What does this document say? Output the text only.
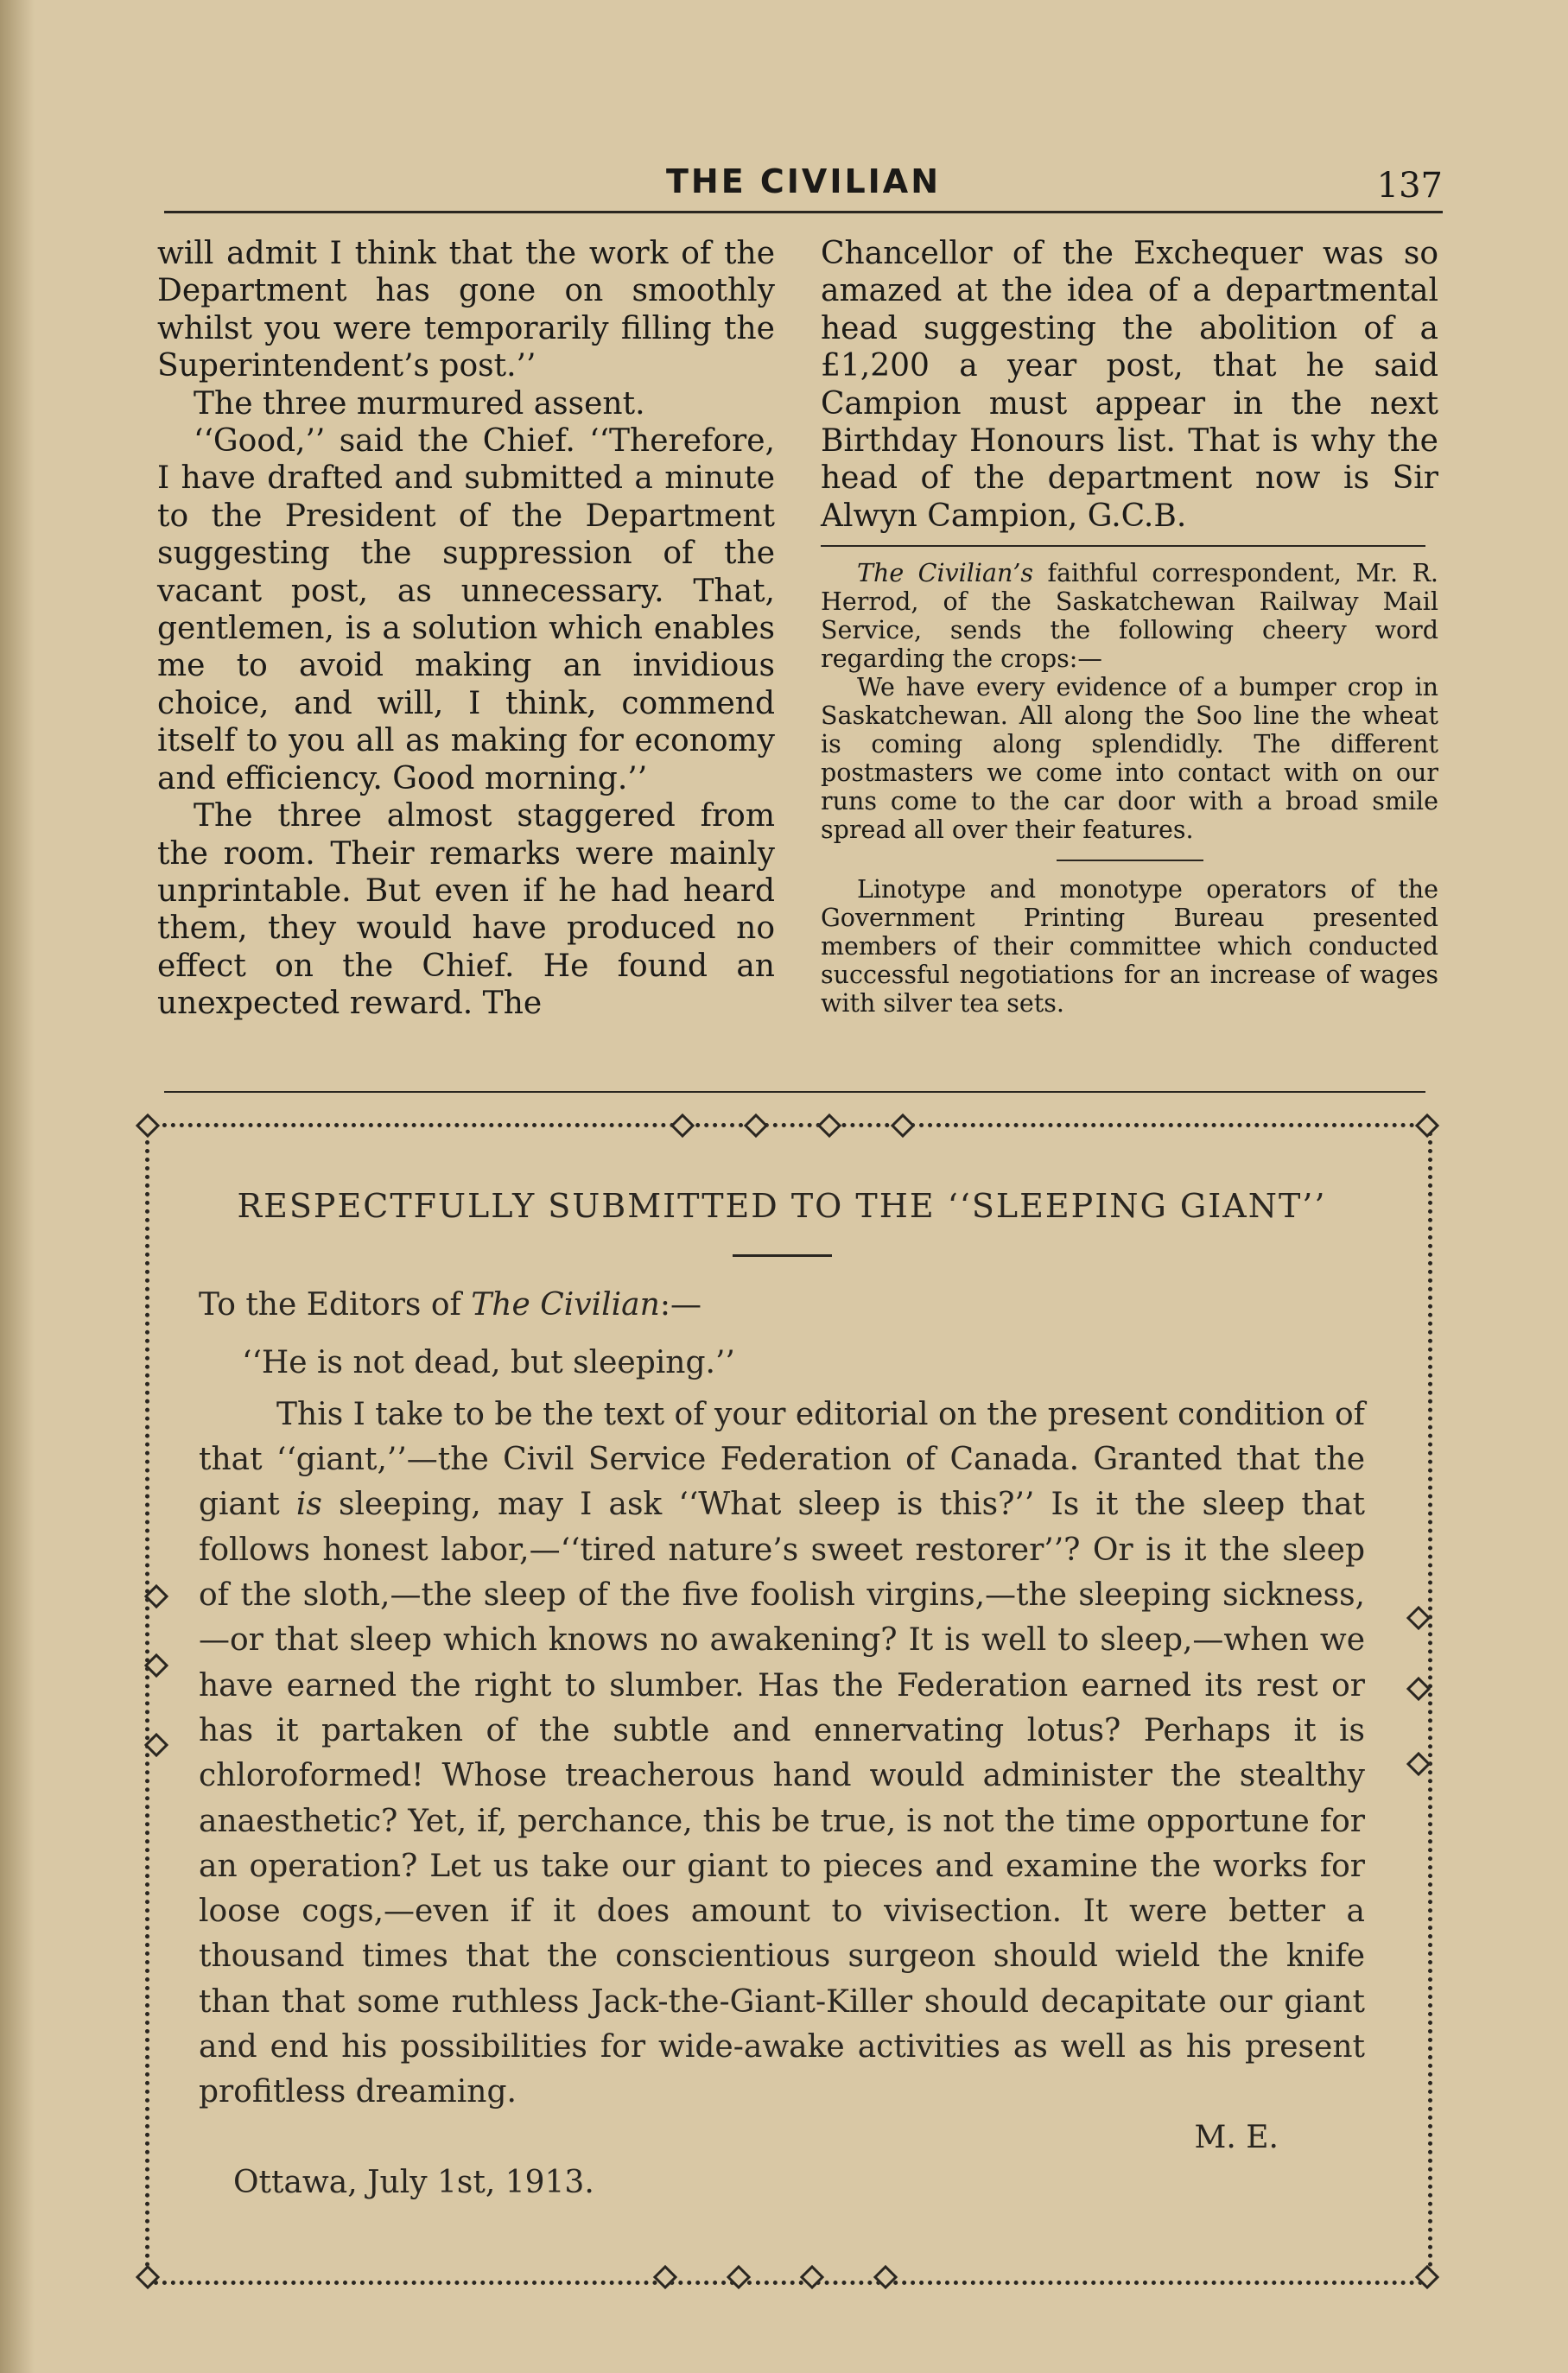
THE CIVILIAN	137

will admit I think that the work of the Department has gone on smoothly whilst you were temporarily filling the Superintendent’s post.’’

The three murmured assent.

‘‘Good,’’ said the Chief. ‘‘Therefore, I have drafted and submitted a minute to the President of the Department suggesting the suppression of the vacant post, as unnecessary. That, gentlemen, is a solution which enables me to avoid making an invidious choice, and will, I think, commend itself to you all as making for economy and efficiency. Good morning.’’

The three almost staggered from the room. Their remarks were mainly unprintable. But even if he had heard them, they would have produced no effect on the Chief. He found an unexpected reward. The

Chancellor of the Exchequer was so amazed at the idea of a departmental head suggesting the abolition of a £1,200 a year post, that he said Campion must appear in the next Birthday Honours list. That is why the head of the department now is Sir Alwyn Campion, G.C.B.

The Civilian’s faithful correspondent, Mr. R. Herrod, of the Saskatchewan Railway Mail Service, sends the following cheery word regarding the crops:—

We have every evidence of a bumper crop in Saskatchewan. All along the Soo line the wheat is coming along splendidly. The different postmasters we come into contact with on our runs come to the car door with a broad smile spread all over their features.

Linotype and monotype operators of the Government Printing Bureau presented members of their committee which conducted successful negotiations for an increase of wages with silver tea sets.

RESPECTFULLY SUBMITTED TO THE ‘‘SLEEPING GIANT’’

To the Editors of The Civilian:—

‘‘He is not dead, but sleeping.’’

This I take to be the text of your editorial on the present condition of that ‘‘giant,’’—the Civil Service Federation of Canada. Granted that the giant is sleeping, may I ask ‘‘What sleep is this?’’ Is it the sleep that follows honest labor,—‘‘tired nature’s sweet restorer’’? Or is it the sleep of the sloth,—the sleep of the five foolish virgins,—the sleeping sickness,—or that sleep which knows no awakening? It is well to sleep,—when we have earned the right to slumber. Has the Federation earned its rest or has it partaken of the subtle and ennervating lotus? Perhaps it is chloroformed! Whose treacherous hand would administer the stealthy anaesthetic? Yet, if, perchance, this be true, is not the time opportune for an operation? Let us take our giant to pieces and examine the works for loose cogs,—even if it does amount to vivisection. It were better a thousand times that the conscientious surgeon should wield the knife than that some ruthless Jack-the-Giant-Killer should decapitate our giant and end his possibilities for wide-awake activities as well as his present profitless dreaming.

M. E.

Ottawa, July 1st, 1913.
